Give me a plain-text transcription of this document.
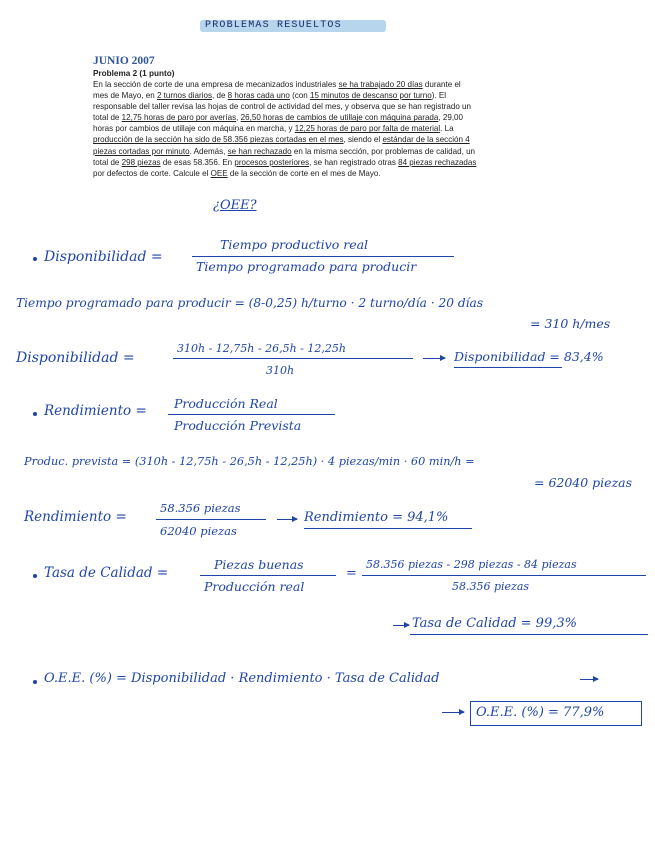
PROBLEMAS RESUELTOS
JUNIO 2007
Problema 2 (1 punto)
En la sección de corte de una empresa de mecanizados industriales se ha trabajado 20 días durante el
mes de Mayo, en 2 turnos diarios, de 8 horas cada uno (con 15 minutos de descanso por turno). El
responsable del taller revisa las hojas de control de actividad del mes, y observa que se han registrado un
total de 12,75 horas de paro por averías, 26,50 horas de cambios de utillaje con máquina parada, 29,00
horas por cambios de utillaje con máquina en marcha, y 12,25 horas de paro por falta de material. La
producción de la sección ha sido de 58.356 piezas cortadas en el mes, siendo el estándar de la sección 4
piezas cortadas por minuto. Además, se han rechazado en la misma sección, por problemas de calidad, un
total de 298 piezas de esas 58.356. En procesos posteriores, se han registrado otras 84 piezas rechazadas
por defectos de corte. Calcule el OEE de la sección de corte en el mes de Mayo.
¿OEE?
Disponibilidad =
Tiempo productivo real
Tiempo programado para producir
Tiempo programado para producir = (8-0,25) h/turno · 2 turno/día · 20 días
= 310 h/mes
Disponibilidad =
310h - 12,75h - 26,5h - 12,25h
310h
Disponibilidad = 83,4%
Rendimiento = Producción Real
Producción Prevista
Produc. prevista = (310h - 12,75h - 26,5h - 12,25h) · 4 piezas/min · 60 min/h =
= 62040 piezas
Rendimiento =
58.356 piezas
62040 piezas
Rendimiento = 94,1%
Tasa de Calidad =
Piezas buenas
Producción real
=
58.356 piezas - 298 piezas - 84 piezas
58.356 piezas
Tasa de Calidad = 99,3%
O.E.E. (%) = Disponibilidad · Rendimiento · Tasa de Calidad
O.E.E. (%) = 77,9%
